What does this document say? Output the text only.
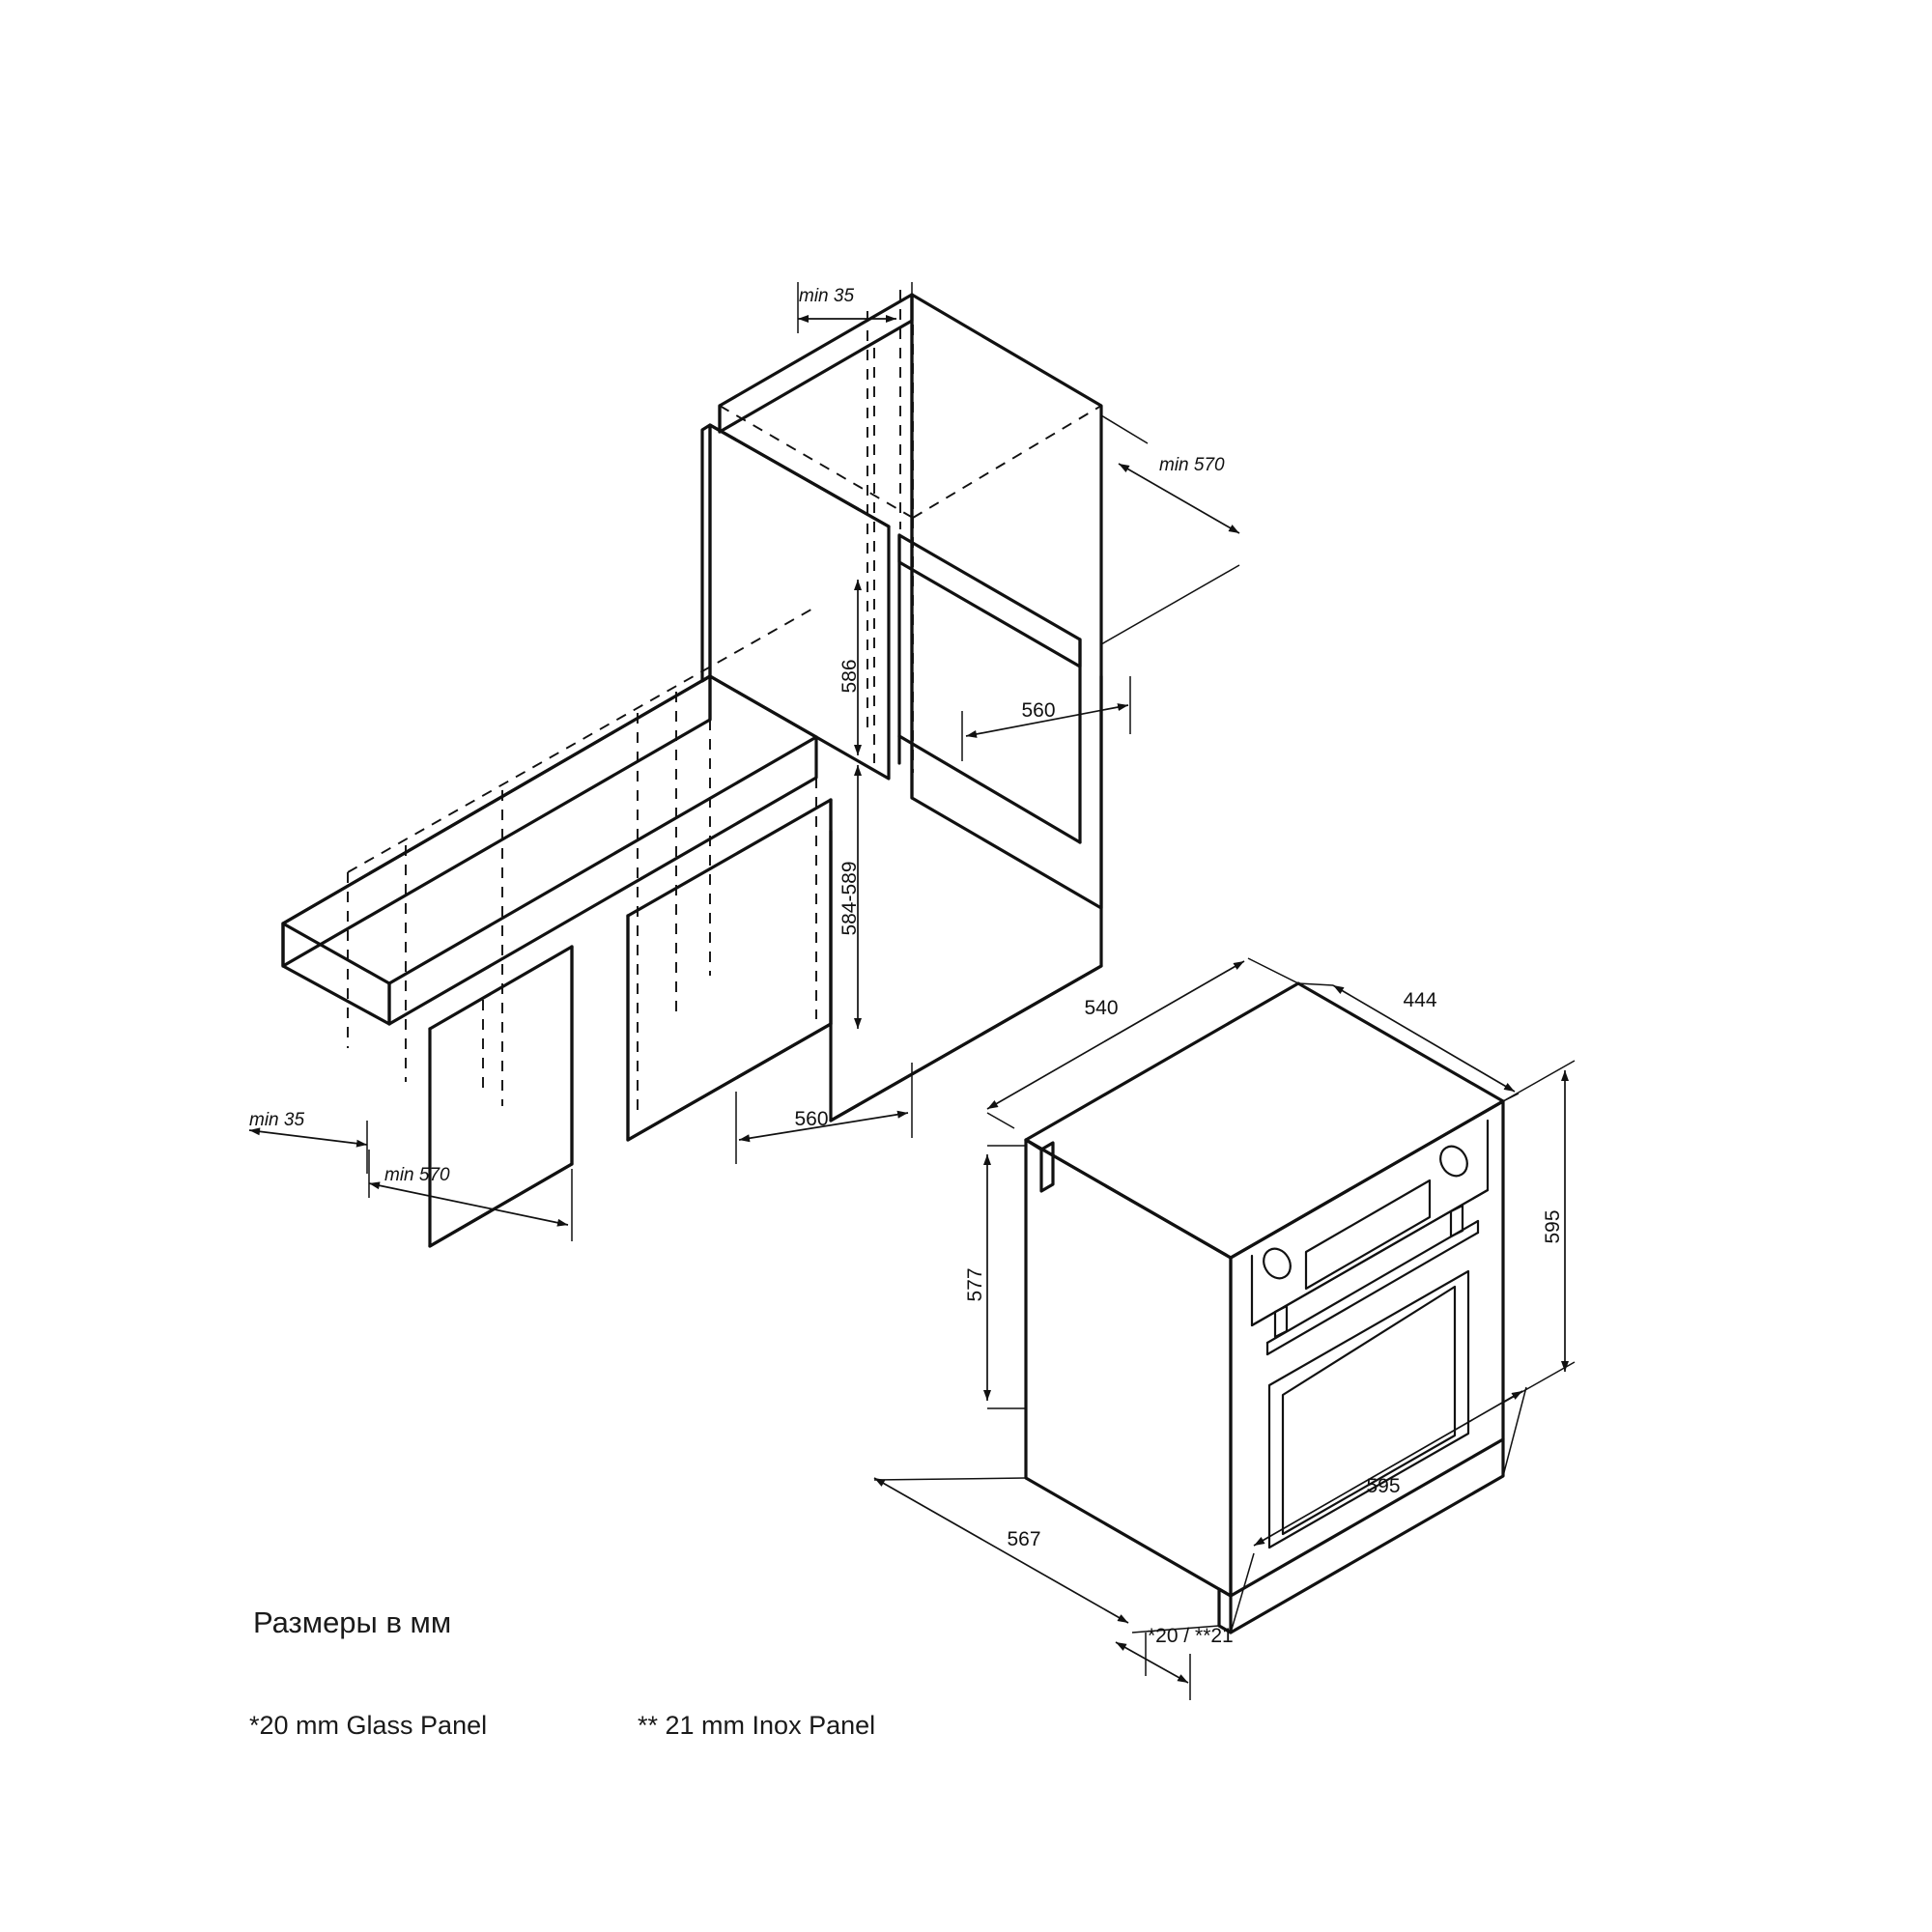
min 35
min 570
586
560
584-589
560
min 35
min 570
540	444
595
577
595
567
*20 / **21
Размеры в мм
*20 mm Glass Panel	** 21 mm Inox Panel
